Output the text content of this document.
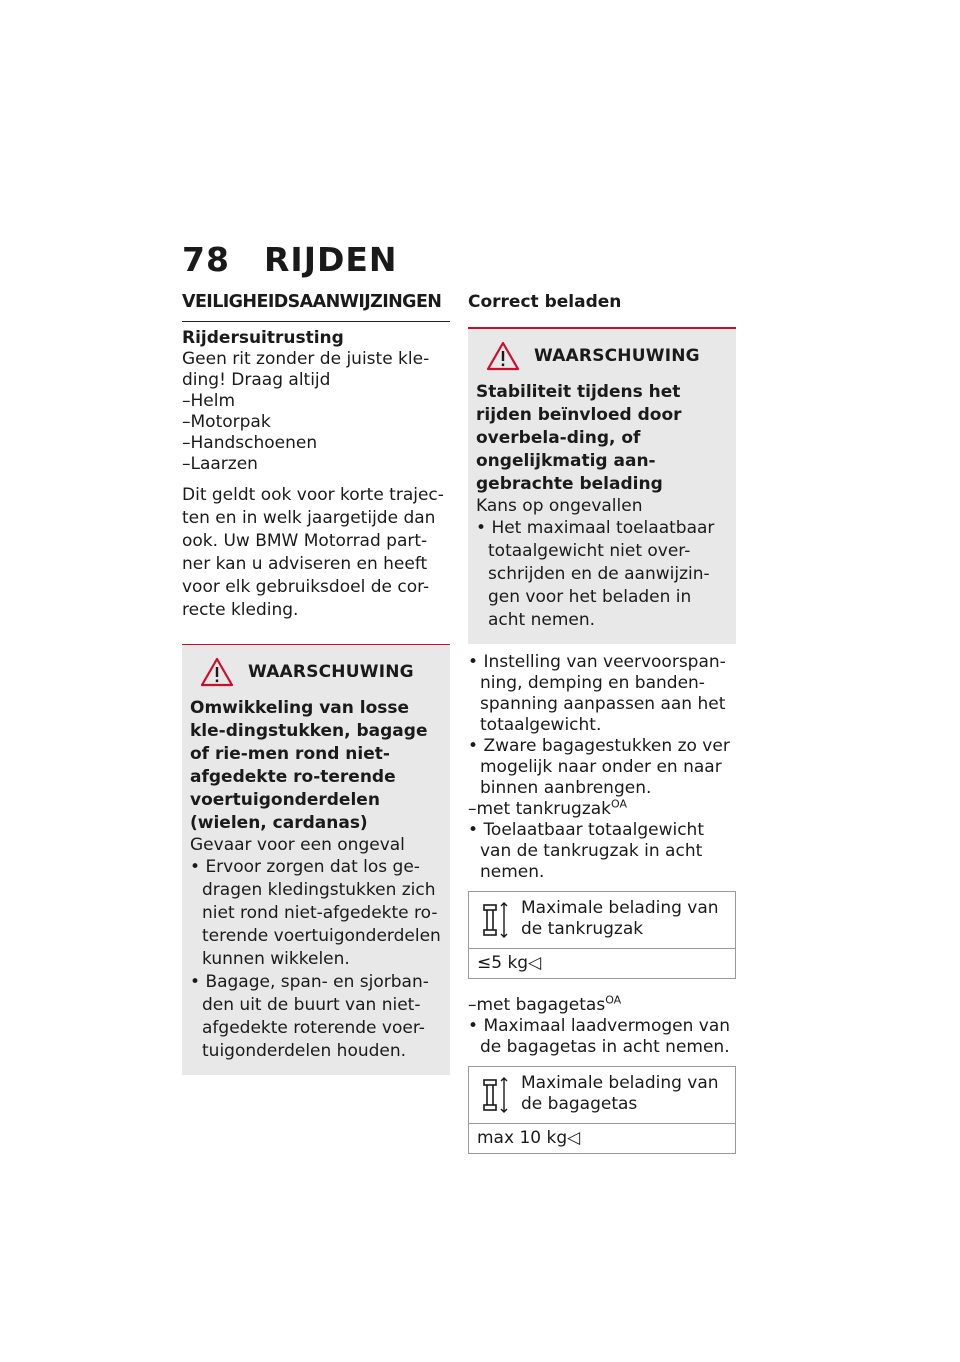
78 RIJDEN
VEILIGHEIDSAANWIJZINGEN
Rijdersuitrusting

Geen rit zonder de juiste kle-ding! Draag altijd

– Helm
– Motorpak
– Handschoenen
– Laarzen

Dit geldt ook voor korte trajec-ten en in welk jaargetijde dan ook. Uw BMW Motorrad part-ner kan u adviseren en heeft voor elk gebruiksdoel de cor-recte kleding.

WAARSCHUWING

Omwikkeling van losse kle-dingstukken, bagage of rie-men rond niet-afgedekte ro-terende voertuigonderdelen (wielen, cardanas)

Gevaar voor een ongeval

• Ervoor zorgen dat los ge-dragen kledingstukken zich niet rond niet-afgedekte ro-terende voertuigonderdelen kunnen wikkelen.
• Bagage, span- en sjorban-den uit de buurt van niet-afgedekte roterende voer-tuigonderdelen houden.
Correct beladen
WAARSCHUWING

Stabiliteit tijdens het rijden beïnvloed door overbela-ding, of ongelijkmatig aan-gebrachte belading

Kans op ongevallen

• Het maximaal toelaatbaar totaalgewicht niet over-schrijden en de aanwijzin-gen voor het beladen in acht nemen.
• Instelling van veervoorspan-ning, demping en banden-spanning aanpassen aan het totaalgewicht.
• Zware bagagestukken zo ver mogelijk naar onder en naar binnen aanbrengen.
–met tankrugzak$^{OA}$
• Toelaatbaar totaalgewicht van de tankrugzak in acht nemen.
Maximale belading van de tankrugzak
≤5 kg◁
–met bagagetas$^{OA}$
• Maximaal laadvermogen van de bagagetas in acht nemen.
Maximale belading van de bagagetas
max 10 kg◁
